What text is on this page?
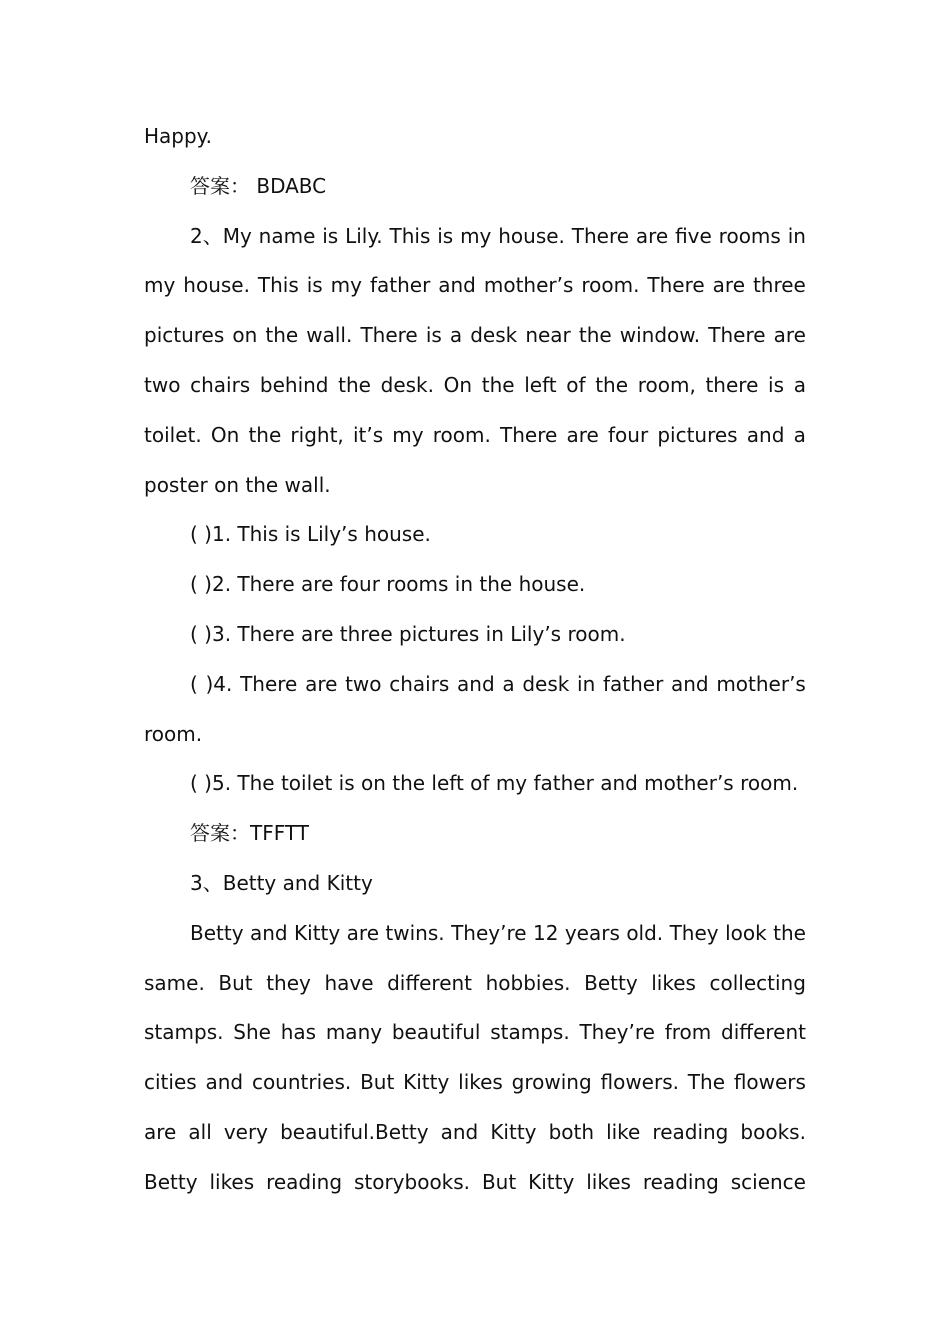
Happy.

答案： BDABC

2、My name is Lily. This is my house. There are five rooms in

my house. This is my father and mother’s room. There are three

pictures on the wall. There is a desk near the window. There are

two chairs behind the desk. On the left of the room, there is a

toilet. On the right, it’s my room. There are four pictures and a

poster on the wall.

( )1. This is Lily’s house.

( )2. There are four rooms in the house.

( )3. There are three pictures in Lily’s room.

( )4. There are two chairs and a desk in father and mother’s

room.

( )5. The toilet is on the left of my father and mother’s room.

答案：TFFTT

3、Betty and Kitty

Betty and Kitty are twins. They’re 12 years old. They look the

same. But they have different hobbies. Betty likes collecting

stamps. She has many beautiful stamps. They’re from different

cities and countries. But Kitty likes growing flowers. The flowers

are all very beautiful.Betty and Kitty both like reading books.

Betty likes reading storybooks. But Kitty likes reading science
